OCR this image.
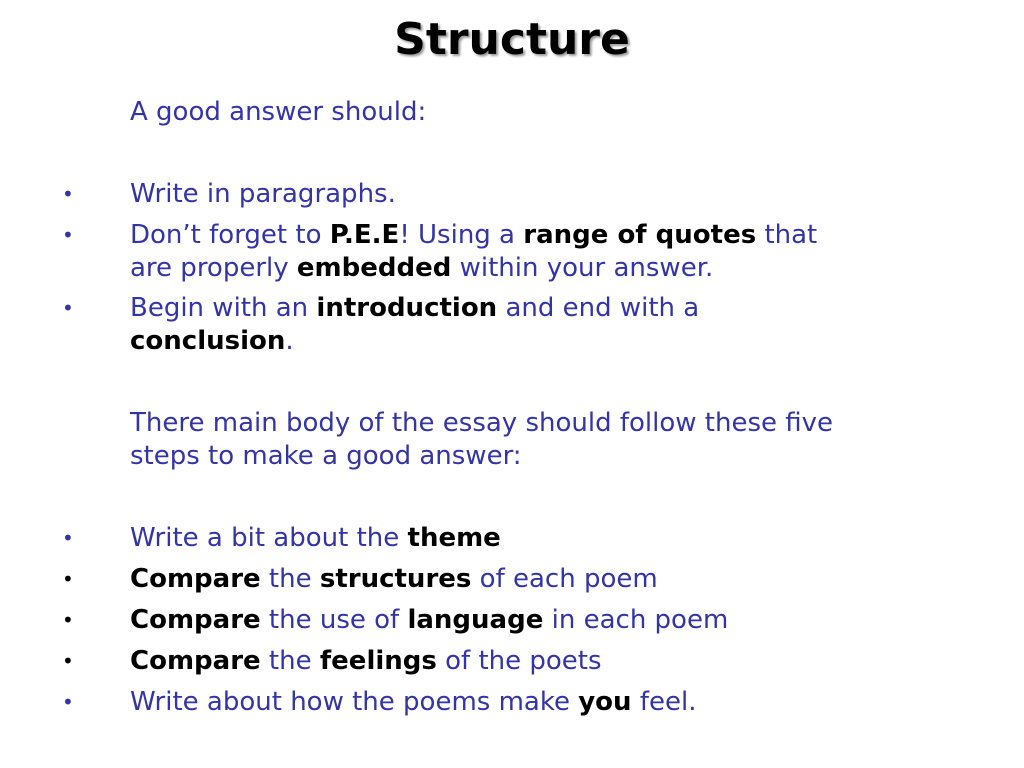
Structure
A good answer should:
• Write in paragraphs.
• Don’t forget to P.E.E! Using a range of quotes that
are properly embedded within your answer.
• Begin with an introduction and end with a
conclusion.
There main body of the essay should follow these five
steps to make a good answer:
• Write a bit about the theme
• Compare the structures of each poem
• Compare the use of language in each poem
• Compare the feelings of the poets
• Write about how the poems make you feel.
